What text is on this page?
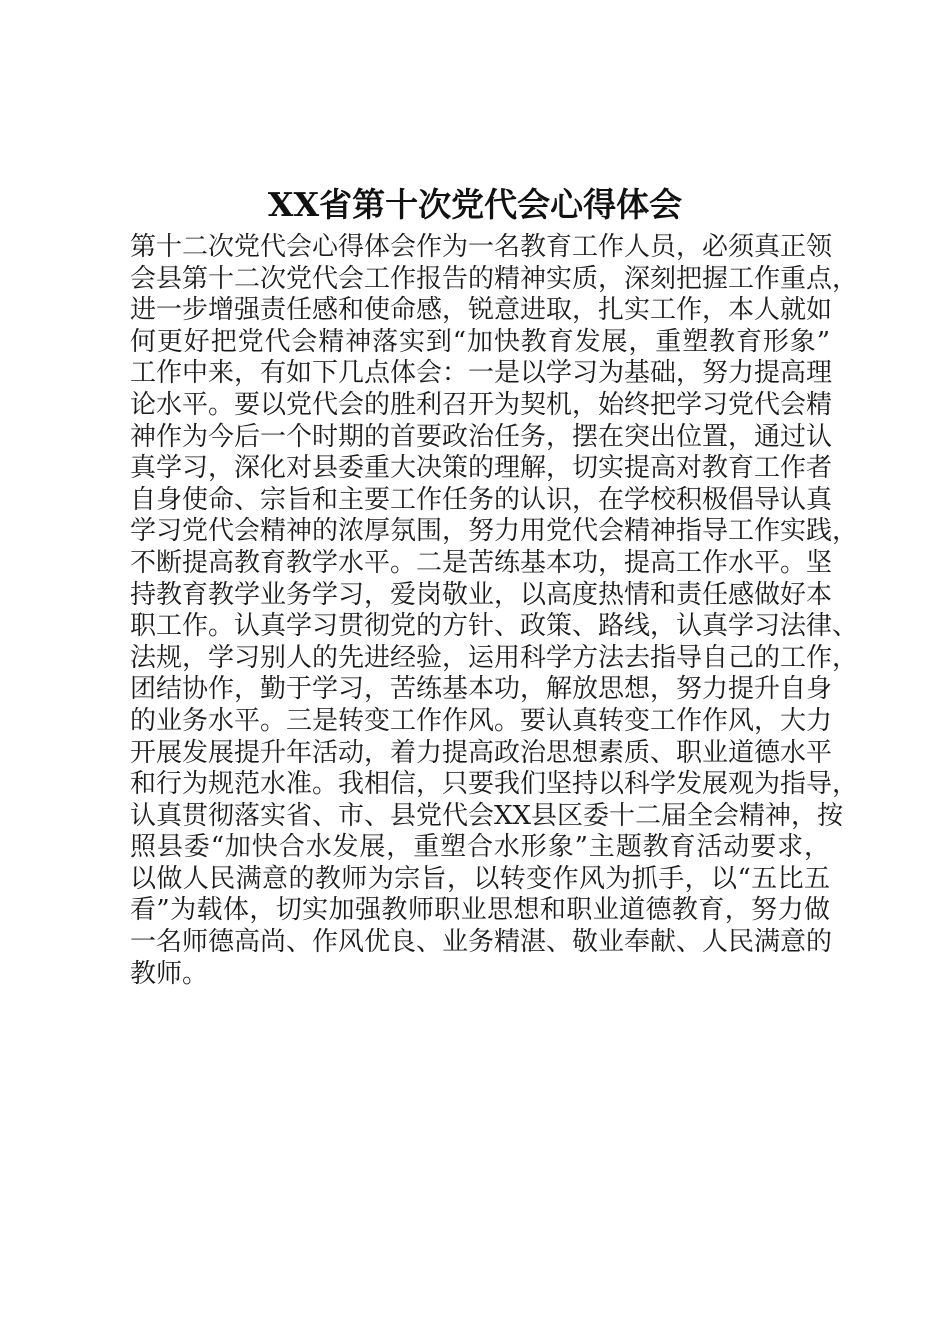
XX省第十次党代会心得体会
第十二次党代会心得体会作为一名教育工作人员，必须真正领
会县第十二次党代会工作报告的精神实质，深刻把握工作重点，
进一步增强责任感和使命感，锐意进取，扎实工作，本人就如
何更好把党代会精神落实到“加快教育发展，重塑教育形象”
工作中来，有如下几点体会：一是以学习为基础，努力提高理
论水平。要以党代会的胜利召开为契机，始终把学习党代会精
神作为今后一个时期的首要政治任务，摆在突出位置，通过认
真学习，深化对县委重大决策的理解，切实提高对教育工作者
自身使命、宗旨和主要工作任务的认识，在学校积极倡导认真
学习党代会精神的浓厚氛围，努力用党代会精神指导工作实践，
不断提高教育教学水平。二是苦练基本功，提高工作水平。坚
持教育教学业务学习，爱岗敬业，以高度热情和责任感做好本
职工作。认真学习贯彻党的方针、政策、路线，认真学习法律、
法规，学习别人的先进经验，运用科学方法去指导自己的工作，
团结协作，勤于学习，苦练基本功，解放思想，努力提升自身
的业务水平。三是转变工作作风。要认真转变工作作风，大力
开展发展提升年活动，着力提高政治思想素质、职业道德水平
和行为规范水准。我相信，只要我们坚持以科学发展观为指导，
认真贯彻落实省、市、县党代会XX县区委十二届全会精神，按
照县委“加快合水发展，重塑合水形象”主题教育活动要求，
以做人民满意的教师为宗旨，以转变作风为抓手，以“五比五
看”为载体，切实加强教师职业思想和职业道德教育，努力做
一名师德高尚、作风优良、业务精湛、敬业奉献、人民满意的
教师。
